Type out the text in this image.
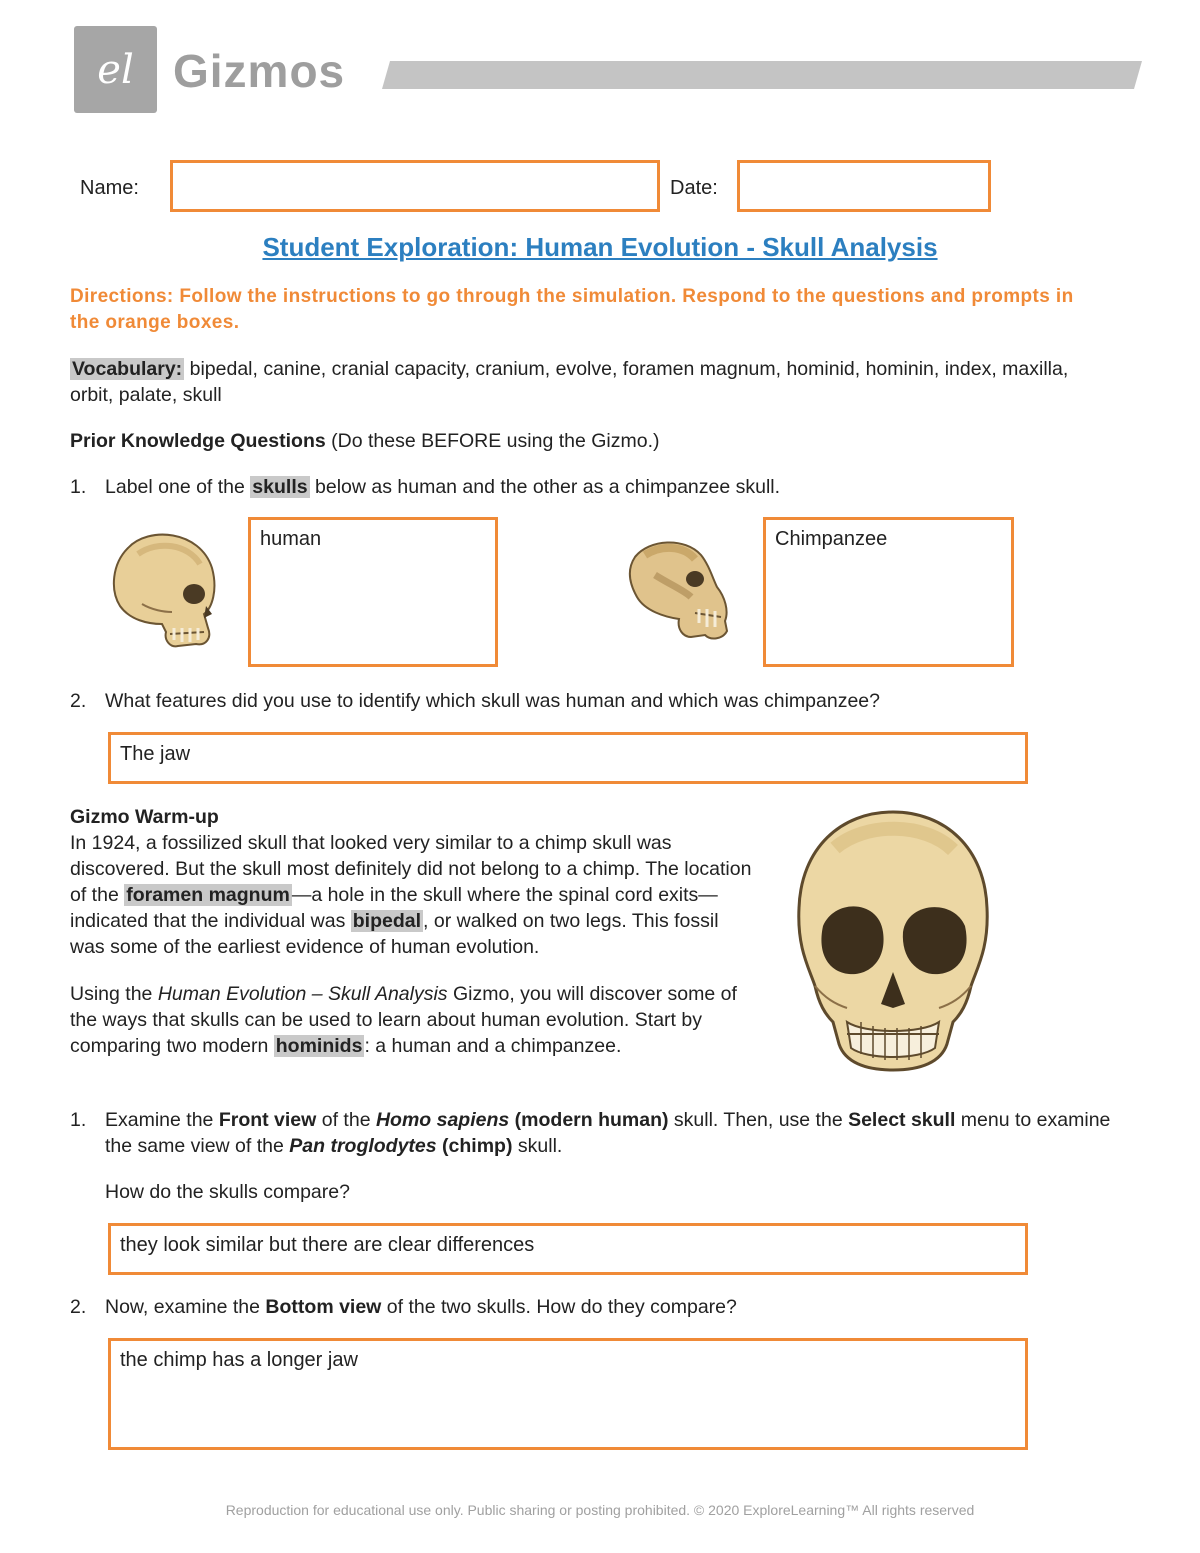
el Gizmos
Name:	Date:
Student Exploration: Human Evolution - Skull Analysis
Directions: Follow the instructions to go through the simulation. Respond to the questions and prompts in the orange boxes.
Vocabulary: bipedal, canine, cranial capacity, cranium, evolve, foramen magnum, hominid, hominin, index, maxilla, orbit, palate, skull
Prior Knowledge Questions (Do these BEFORE using the Gizmo.)
1. Label one of the skulls below as human and the other as a chimpanzee skull.
human	Chimpanzee
2. What features did you use to identify which skull was human and which was chimpanzee?
The jaw
Gizmo Warm-up
In 1924, a fossilized skull that looked very similar to a chimp skull was discovered. But the skull most definitely did not belong to a chimp. The location of the foramen magnum —a hole in the skull where the spinal cord exits—indicated that the individual was bipedal , or walked on two legs. This fossil was some of the earliest evidence of human evolution.
Using the Human Evolution – Skull Analysis Gizmo, you will discover some of the ways that skulls can be used to learn about human evolution. Start by comparing two modern hominids : a human and a chimpanzee.
1. Examine the Front view of the Homo sapiens (modern human) skull. Then, use the Select skull menu to examine the same view of the Pan troglodytes (chimp) skull.
How do the skulls compare?
they look similar but there are clear differences
2. Now, examine the Bottom view of the two skulls. How do they compare?
the chimp has a longer jaw
Reproduction for educational use only. Public sharing or posting prohibited. © 2020 ExploreLearning™ All rights reserved
